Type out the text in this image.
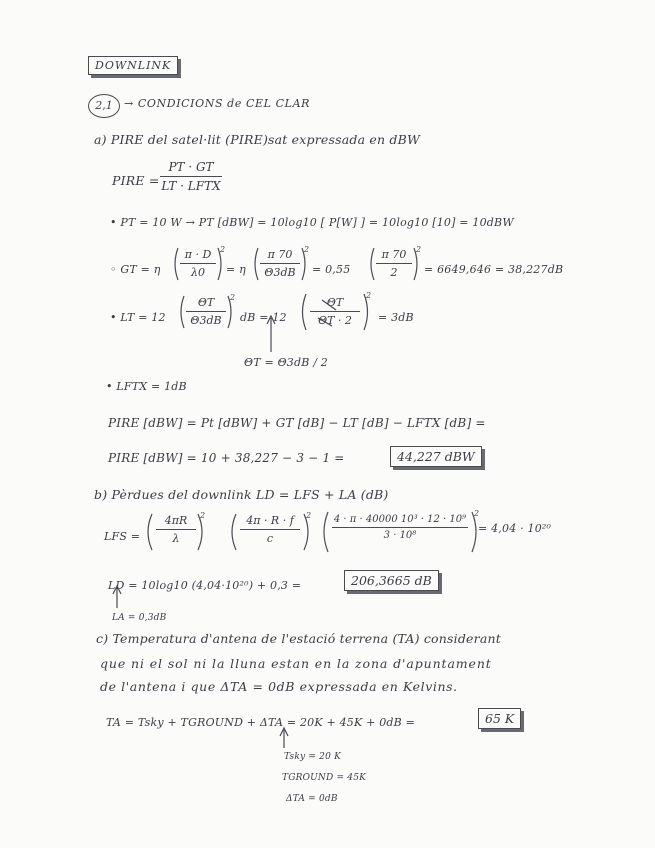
DOWNLINK
2,1	→ CONDICIONS de CEL CLAR
a) PIRE del satel·lit (PIRE)sat expressada en dBW
PIRE =
PT · GT
LT · LFTX
• PT = 10 W → PT [dBW] = 10log10 [ P[W] ] = 10log10 [10] = 10dBW
◦ GT = η
π · D
λ0	= η
π 70
Θ3dB	= 0,55
π 70
2	= 6649,646 = 38,227dB
• LT = 12
ΘT
Θ3dB	dB = 12
ΘT
ΘT · 2	= 3dB
ΘT = Θ3dB / 2
• LFTX = 1dB
PIRE [dBW] = Pt [dBW] + GT [dB] − LT [dB] − LFTX [dB] =
PIRE [dBW] = 10 + 38,227 − 3 − 1 =	44,227 dBW
b) Pèrdues del downlink LD = LFS + LA (dB)
LFS =
4πR
λ
4π · R · f
c
4 · π · 40000 10³ · 12 · 10⁹
3 · 10⁸
= 4,04 · 10²⁰
LD = 10log10 (4,04·10²⁰) + 0,3 =	206,3665 dB
LA = 0,3dB
c) Temperatura d'antena de l'estació terrena (TA) considerant
que ni el sol ni la lluna estan en la zona d'apuntament
de l'antena i que ΔTA = 0dB expressada en Kelvins.
TA = Tsky + TGROUND + ΔTA = 20K + 45K + 0dB =	65 K
Tsky = 20 K
TGROUND = 45K
ΔTA = 0dB
2	2	2
2	2
2	2	2
